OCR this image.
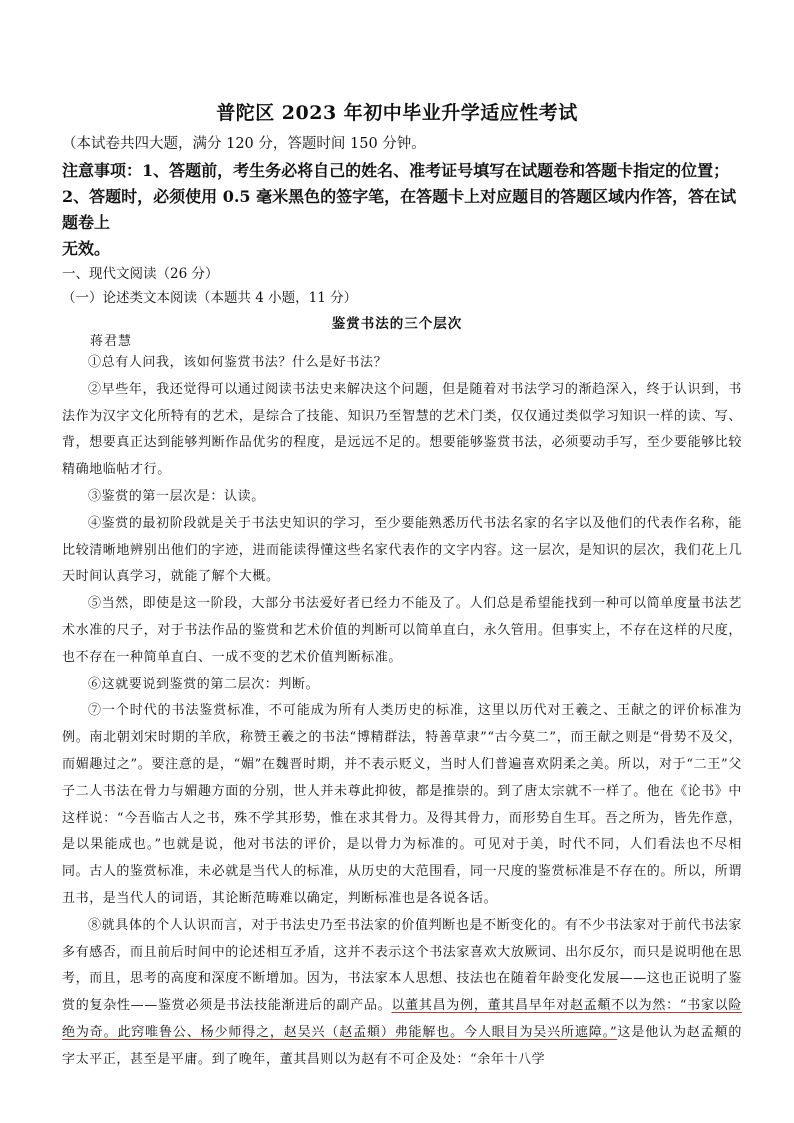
普陀区 2023 年初中毕业升学适应性考试
（本试卷共四大题，满分 120 分，答题时间 150 分钟。
注意事项：1、答题前，考生务必将自己的姓名、准考证号填写在试题卷和答题卡指定的位置；
2、答题时，必须使用 0.5 毫米黑色的签字笔，在答题卡上对应题目的答题区域内作答，答在试
题卷上
无效。
一、现代文阅读（26 分）
（一）论述类文本阅读（本题共 4 小题，11 分）
鉴赏书法的三个层次
蒋君慧

①总有人问我，该如何鉴赏书法？什么是好书法？

②早些年，我还觉得可以通过阅读书法史来解决这个问题，但是随着对书法学习的渐趋深入，终于认识到，书法作为汉字文化所特有的艺术，是综合了技能、知识乃至智慧的艺术门类，仅仅通过类似学习知识一样的读、写、背，想要真正达到能够判断作品优劣的程度，是远远不足的。想要能够鉴赏书法，必须要动手写，至少要能够比较精确地临帖才行。

③鉴赏的第一层次是：认读。

④鉴赏的最初阶段就是关于书法史知识的学习，至少要能熟悉历代书法名家的名字以及他们的代表作名称，能比较清晰地辨别出他们的字迹，进而能读得懂这些名家代表作的文字内容。这一层次，是知识的层次，我们花上几天时间认真学习，就能了解个大概。

⑤当然，即使是这一阶段，大部分书法爱好者已经力不能及了。人们总是希望能找到一种可以简单度量书法艺术水准的尺子，对于书法作品的鉴赏和艺术价值的判断可以简单直白，永久管用。但事实上，不存在这样的尺度，也不存在一种简单直白、一成不变的艺术价值判断标准。

⑥这就要说到鉴赏的第二层次：判断。

⑦一个时代的书法鉴赏标准，不可能成为所有人类历史的标准，这里以历代对王羲之、王献之的评价标准为例。南北朝刘宋时期的羊欣，称赞王羲之的书法“博精群法，特善草隶”“古今莫二”，而王献之则是“骨势不及父，而媚趣过之”。要注意的是，“媚”在魏晋时期，并不表示贬义，当时人们普遍喜欢阴柔之美。所以，对于“二王”父子二人书法在骨力与媚趣方面的分别，世人并未尊此抑彼，都是推崇的。到了唐太宗就不一样了。他在《论书》中这样说：“今吾临古人之书，殊不学其形势，惟在求其骨力。及得其骨力，而形势自生耳。吾之所为，皆先作意，是以果能成也。”也就是说，他对书法的评价，是以骨力为标准的。可见对于美，时代不同，人们看法也不尽相同。古人的鉴赏标准，未必就是当代人的标准，从历史的大范围看，同一尺度的鉴赏标准是不存在的。所以，所谓丑书，是当代人的词语，其论断范畴难以确定，判断标准也是各说各话。

⑧就具体的个人认识而言，对于书法史乃至书法家的价值判断也是不断变化的。有不少书法家对于前代书法家多有感否，而且前后时间中的论述相互矛盾，这并不表示这个书法家喜欢大放厥词、出尔反尔，而只是说明他在思考，而且，思考的高度和深度不断增加。因为，书法家本人思想、技法也在随着年龄变化发展——这也正说明了鉴赏的复杂性——鉴赏必须是书法技能渐进后的副产品。以董其昌为例，董其昌早年对赵孟頫不以为然：“书家以险绝为奇。此窍唯鲁公、杨少师得之，赵吴兴（赵孟頫）弗能解也。今人眼目为吴兴所遮障。”这是他认为赵孟頫的字太平正，甚至是平庸。到了晚年，董其昌则以为赵有不可企及处：“余年十八学
